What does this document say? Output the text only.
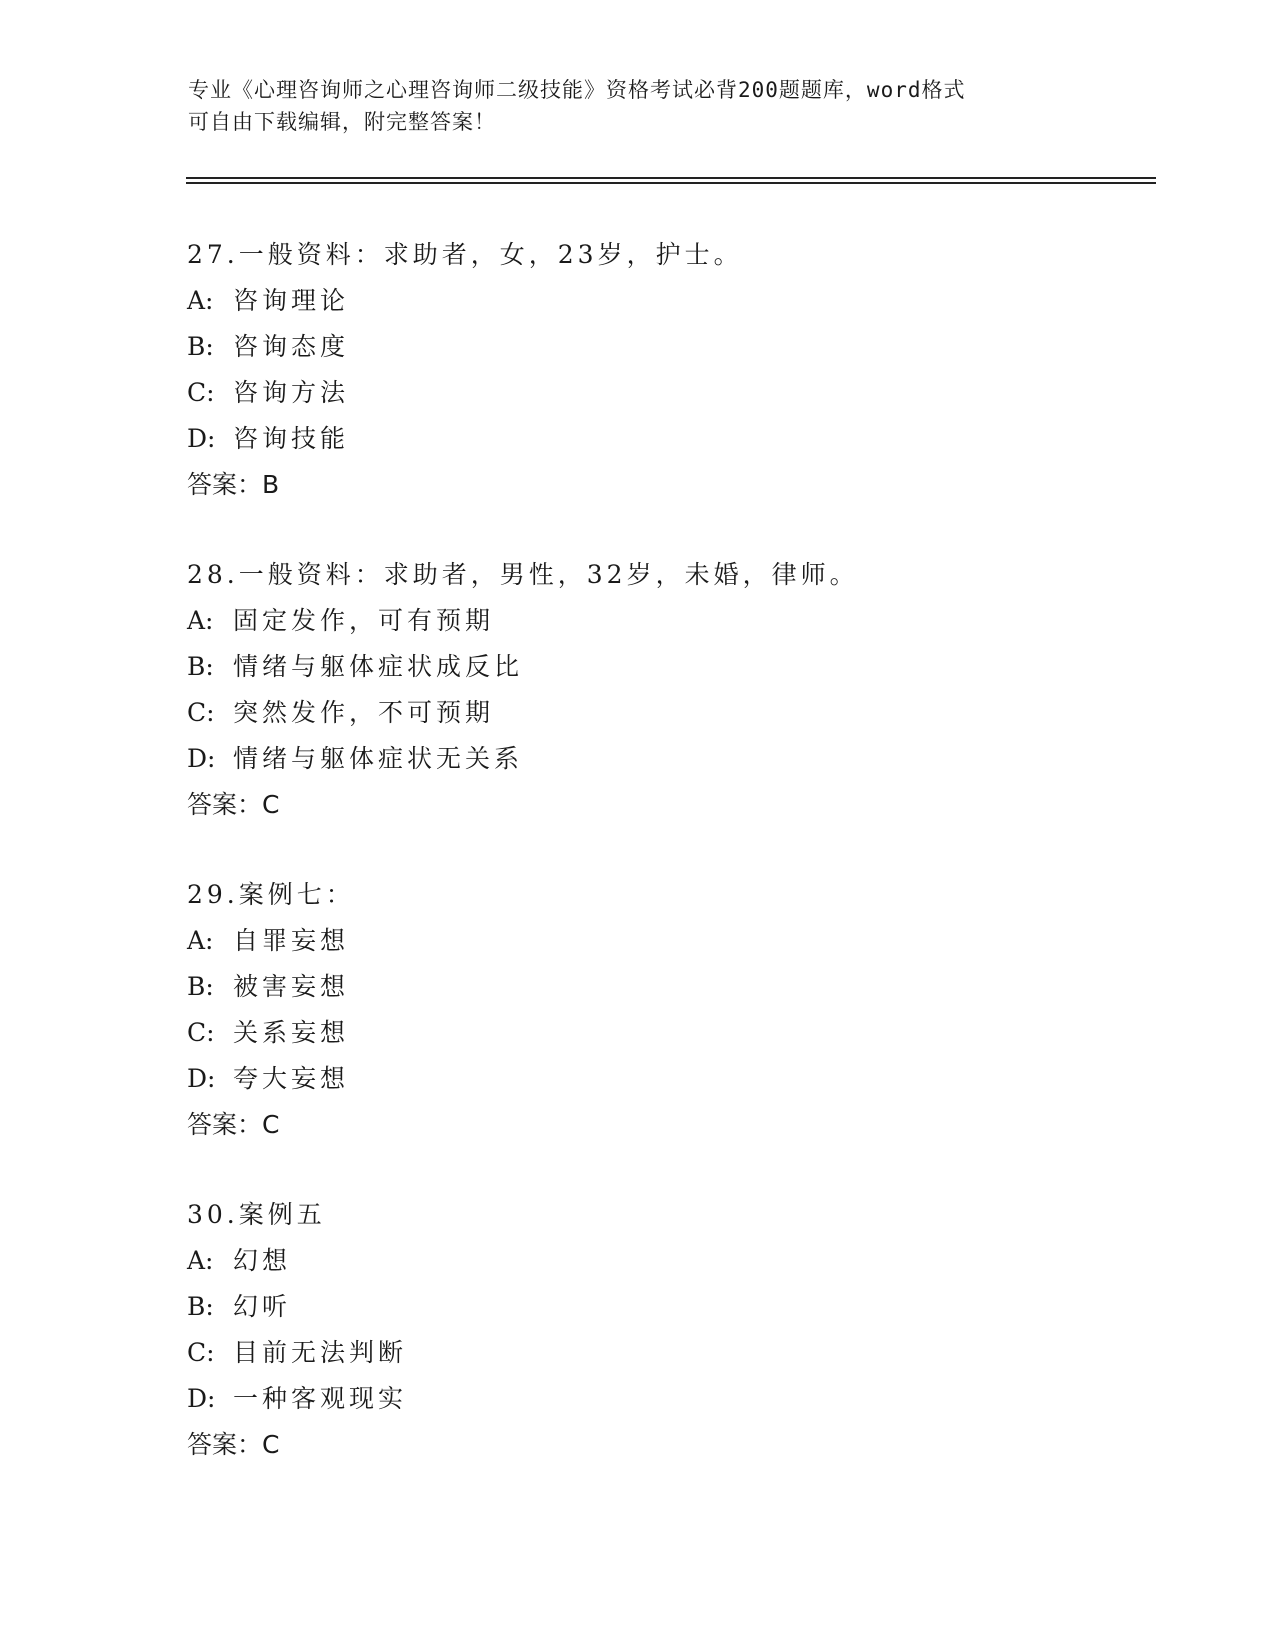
专业《心理咨询师之心理咨询师二级技能》资格考试必背200题题库，word格式
可自由下载编辑，附完整答案！
27.一般资料：求助者，女，23岁，护士。
A: 咨询理论
B: 咨询态度
C: 咨询方法
D: 咨询技能
答案：B
28.一般资料：求助者，男性，32岁，未婚，律师。
A: 固定发作，可有预期
B: 情绪与躯体症状成反比
C: 突然发作，不可预期
D: 情绪与躯体症状无关系
答案：C
29.案例七：
A: 自罪妄想
B: 被害妄想
C: 关系妄想
D: 夸大妄想
答案：C
30.案例五
A: 幻想
B: 幻听
C: 目前无法判断
D: 一种客观现实
答案：C
